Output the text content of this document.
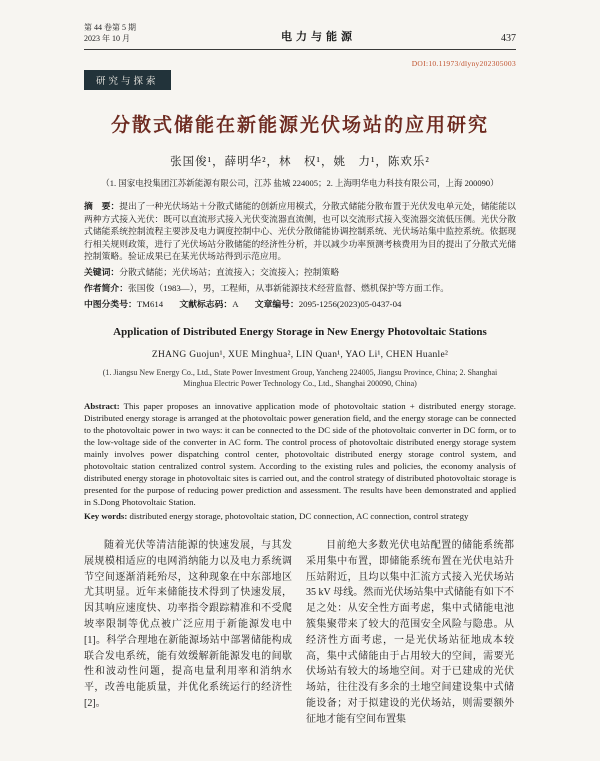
第 44 卷第 5 期
2023 年 10 月	电力与能源	437
DOI:10.11973/dlyny202305003
研究与探索
分散式储能在新能源光伏场站的应用研究
张国俊¹，薛明华²，林　权¹，姚　力¹，陈欢乐²
（1. 国家电投集团江苏新能源有限公司，江苏 盐城 224005；2. 上海明华电力科技有限公司，上海 200090）

摘　要：提出了一种光伏场站＋分散式储能的创新应用模式，分散式储能分散布置于光伏发电单元处，储能能以两种方式接入光伏：既可以直流形式接入光伏变流器直流侧，也可以交流形式接入变流器交流低压侧。光伏分散式储能系统控制流程主要涉及电力调度控制中心、光伏分散储能协调控制系统、光伏场站集中监控系统。依据现行相关规则政策，进行了光伏场站分散储能的经济性分析，并以减少功率预测考核费用为目的提出了分散式光储控制策略。验证成果已在某光伏场站得到示范应用。

关键词：分散式储能；光伏场站；直流接入；交流接入；控制策略

作者简介：张国俊（1983—），男，工程师，从事新能源技术经营监督、燃机保护等方面工作。

中图分类号：TM614 文献标志码：A 文章编号：2095-1256(2023)05-0437-04

Application of Distributed Energy Storage in New Energy Photovoltaic Stations
ZHANG Guojun¹, XUE Minghua², LIN Quan¹, YAO Li¹, CHEN Huanle²
(1. Jiangsu New Energy Co., Ltd., State Power Investment Group, Yancheng 224005, Jiangsu Province, China; 2. Shanghai Minghua Electric Power Technology Co., Ltd., Shanghai 200090, China)

Abstract: This paper proposes an innovative application mode of photovoltaic station + distributed energy storage. Distributed energy storage is arranged at the photovoltaic power generation field, and the energy storage can be connected to the photovoltaic power in two ways: it can be connected to the DC side of the photovoltaic converter in DC form, or to the low-voltage side of the converter in AC form. The control process of photovoltaic distributed energy storage system mainly involves power dispatching control center, photovoltaic distributed energy storage control system, and photovoltaic station centralized control system. According to the existing rules and policies, the economy analysis of distributed energy storage in photovoltaic sites is carried out, and the control strategy of distributed photovoltaic storage is presented for the purpose of reducing power prediction and assessment. The results have been demonstrated and applied in S.Dong Photovoltaic Station.

Key words: distributed energy storage, photovoltaic station, DC connection, AC connection, control strategy

随着光伏等清洁能源的快速发展，与其发展规模相适应的电网消纳能力以及电力系统调节空间逐渐消耗殆尽，这种现象在中东部地区尤其明显。近年来储能技术得到了快速发展，因其响应速度快、功率指令跟踪精准和不受爬坡率限制等优点被广泛应用于新能源发电中[1]。科学合理地在新能源场站中部署储能构成联合发电系统，能有效缓解新能源发电的间歇性和波动性问题，提高电量利用率和消纳水平，改善电能质量，并优化系统运行的经济性[2]。

目前绝大多数光伏电站配置的储能系统都采用集中布置，即储能系统布置在光伏电站升压站附近，且均以集中汇流方式接入光伏场站 35 kV 母线。然而光伏场站集中式储能有如下不足之处：从安全性方面考虑，集中式储能电池簇集聚带来了较大的范围安全风险与隐患。从经济性方面考虑，一是光伏场站征地成本较高，集中式储能由于占用较大的空间，需要光伏场站有较大的场地空间。对于已建成的光伏场站，往往没有多余的土地空间建设集中式储能设备；对于拟建设的光伏场站，则需要额外征地才能有空间布置集
